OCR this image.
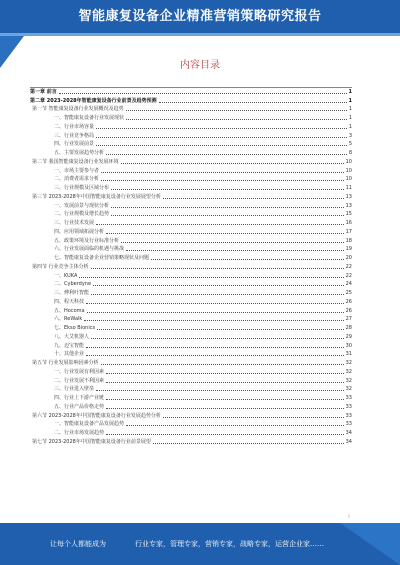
智能康复设备企业精准营销策略研究报告
内容目录
第一章 前言	1
第二章 2023-2028年智能康复设备行业前景及趋势预测	1
第一节 智能康复设备行业发展概况及趋势	1
一、智能康复设备行业发展现状	1
二、行业市场容量	1
三、行业竞争格局	3
四、行业发展前景	5
五、主要发展趋势分析	8
第二节 我国智能康复设备行业发展环境	10
一、市场主要参与者	10
二、消费者需求分析	10
三、行业规模及区域分布	11
第三节 2023-2028年中国智能康复设备行业发展展望分析	13
一、发展前景与现状分析	13
二、行业规模及增长趋势	15
三、行业技术发展	16
四、应用领域拓展分析	17
五、政策环境及行业标准分析	18
六、行业发展面临的机遇与挑战	19
七、智能康复设备企业营销策略现状及问题	20
第四节 行业竞争主体分析	22
一、KUKA	22
二、Cyberdyne	24
三、傅利叶智能	25
四、程天科技	26
五、Hocoma	26
六、ReWalk	27
七、Ekso Bionics	28
八、大艾机器人	29
九、迈宝智能	30
十、其他企业	31
第五节 行业发展影响因素分析	32
一、行业发展有利因素	32
二、行业发展不利因素	32
三、行业进入壁垒	32
四、行业上下游产业链	33
五、行业产品价格走势	33
第六节 2023-2028年中国智能康复设备行业发展趋势分析	33
一、智能康复设备产品发展趋势	33
二、行业市场发展趋势	34
第七节 2023-2028年中国智能康复设备行业前景展望	34
I
让每个人都能成为	行业专家，管理专家，营销专家，战略专家，运营企业家……
